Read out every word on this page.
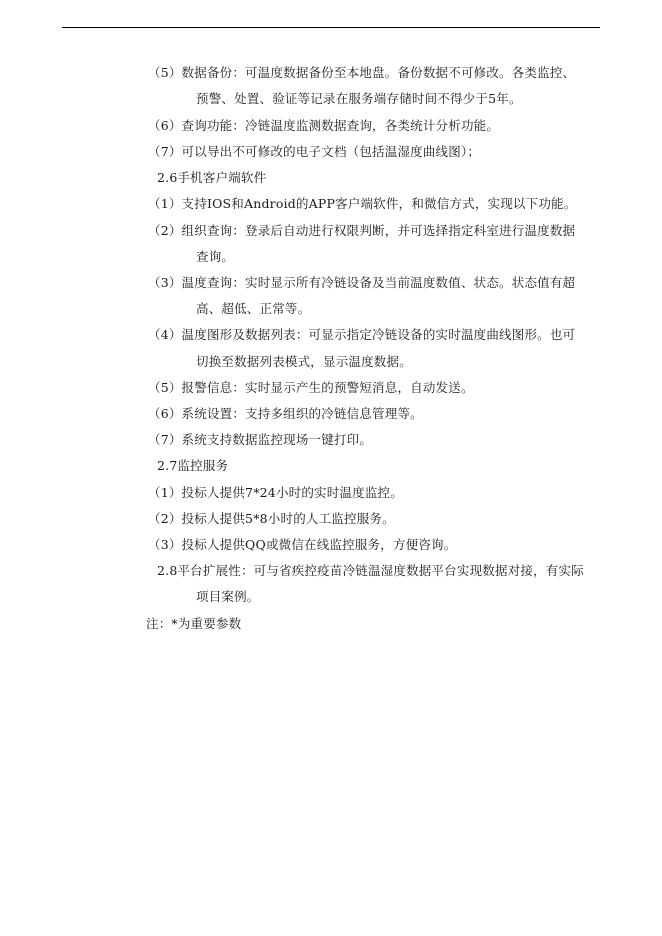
（5）数据备份：可温度数据备份至本地盘。备份数据不可修改。各类监控、
预警、处置、验证等记录在服务端存储时间不得少于5年。
（6）查询功能：冷链温度监测数据查询，各类统计分析功能。
（7）可以导出不可修改的电子文档（包括温湿度曲线图）；
2.6手机客户端软件
（1）支持IOS和Android的APP客户端软件，和微信方式，实现以下功能。
（2）组织查询：登录后自动进行权限判断，并可选择指定科室进行温度数据
查询。
（3）温度查询：实时显示所有冷链设备及当前温度数值、状态。状态值有超
高、超低、正常等。
（4）温度图形及数据列表：可显示指定冷链设备的实时温度曲线图形。也可
切换至数据列表模式，显示温度数据。
（5）报警信息：实时显示产生的预警短消息，自动发送。
（6）系统设置：支持多组织的冷链信息管理等。
（7）系统支持数据监控现场一键打印。
2.7监控服务
（1）投标人提供7*24小时的实时温度监控。
（2）投标人提供5*8小时的人工监控服务。
（3）投标人提供QQ或微信在线监控服务，方便咨询。
2.8平台扩展性：可与省疾控疫苗冷链温湿度数据平台实现数据对接，有实际
项目案例。
注：*为重要参数
